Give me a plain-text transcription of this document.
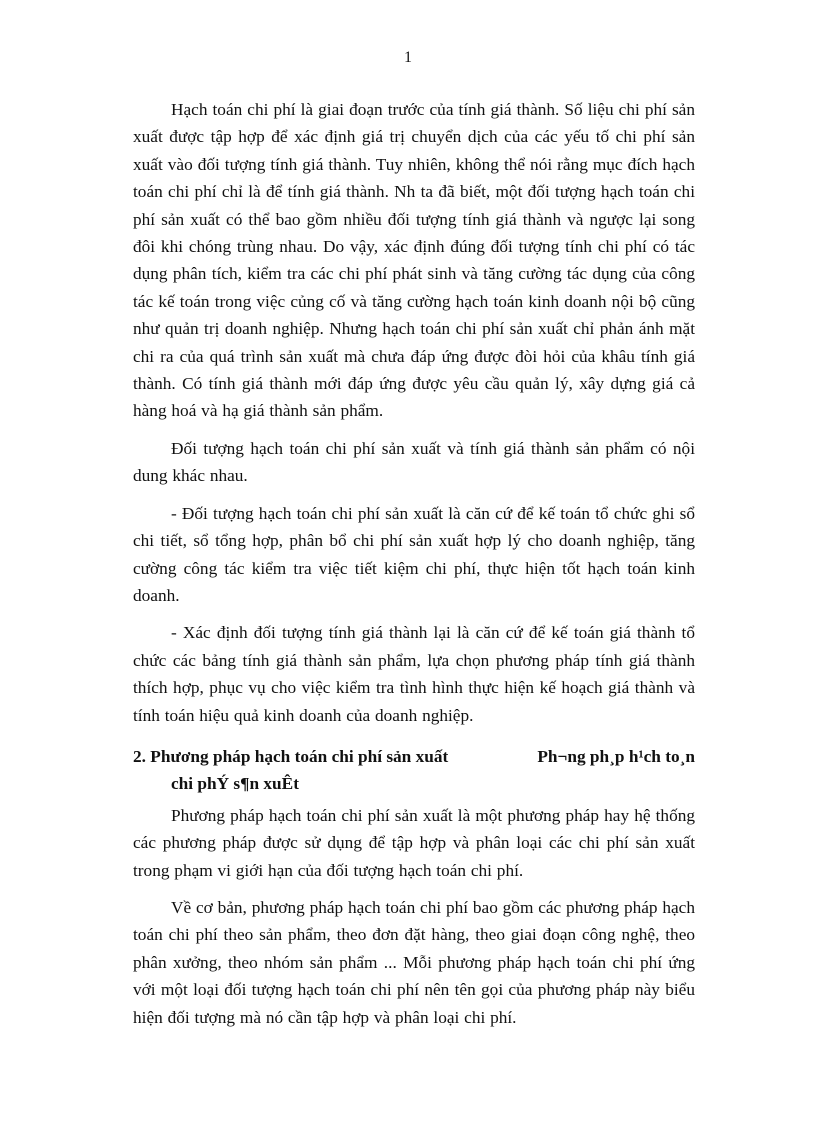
1

Hạch toán chi phí là giai đoạn trước của tính giá thành. Số liệu chi phí sản xuất được tập hợp để xác định giá trị chuyển dịch của các yếu tố chi phí sản xuất vào đối tượng tính giá thành. Tuy nhiên, không thể nói rằng mục đích hạch toán chi phí chỉ là để tính giá thành. Nh ta đã biết, một đối tượng hạch toán chi phí sản xuất có thể bao gồm nhiều đối tượng tính giá thành và ngược lại song đôi khi chóng trùng nhau. Do vậy, xác định đúng đối tượng tính chi phí có tác dụng phân tích, kiểm tra các chi phí phát sinh và tăng cường tác dụng của công tác kế toán trong việc củng cố và tăng cường hạch toán kinh doanh nội bộ cũng như quản trị doanh nghiệp. Nhưng hạch toán chi phí sản xuất chỉ phản ánh mặt chi ra của quá trình sản xuất mà chưa đáp ứng được đòi hỏi của khâu tính giá thành. Có tính giá thành mới đáp ứng được yêu cầu quản lý, xây dựng giá cả hàng hoá và hạ giá thành sản phẩm.

Đối tượng hạch toán chi phí sản xuất và tính giá thành sản phẩm có nội dung khác nhau.

- Đối tượng hạch toán chi phí sản xuất là căn cứ để kế toán tổ chức ghi sổ chi tiết, sổ tổng hợp, phân bổ chi phí sản xuất hợp lý cho doanh nghiệp, tăng cường công tác kiểm tra việc tiết kiệm chi phí, thực hiện tốt hạch toán kinh doanh.

- Xác định đối tượng tính giá thành lại là căn cứ để kế toán giá thành tổ chức các bảng tính giá thành sản phẩm, lựa chọn phương pháp tính giá thành thích hợp, phục vụ cho việc kiểm tra tình hình thực hiện kế hoạch giá thành và tính toán hiệu quả kinh doanh của doanh nghiệp.

2. Phương pháp hạch toán chi phí sản xuất	Ph¬ng ph¸p h¹ch to¸n
chi phÝ s¶n xuÊt

Phương pháp hạch toán chi phí sản xuất là một phương pháp hay hệ thống các phương pháp được sử dụng để tập hợp và phân loại các chi phí sản xuất trong phạm vi giới hạn của đối tượng hạch toán chi phí.

Về cơ bản, phương pháp hạch toán chi phí bao gồm các phương pháp hạch toán chi phí theo sản phẩm, theo đơn đặt hàng, theo giai đoạn công nghệ, theo phân xưởng, theo nhóm sản phẩm ... Mỗi phương pháp hạch toán chi phí ứng với một loại đối tượng hạch toán chi phí nên tên gọi của phương pháp này biểu hiện đối tượng mà nó cần tập hợp và phân loại chi phí.
